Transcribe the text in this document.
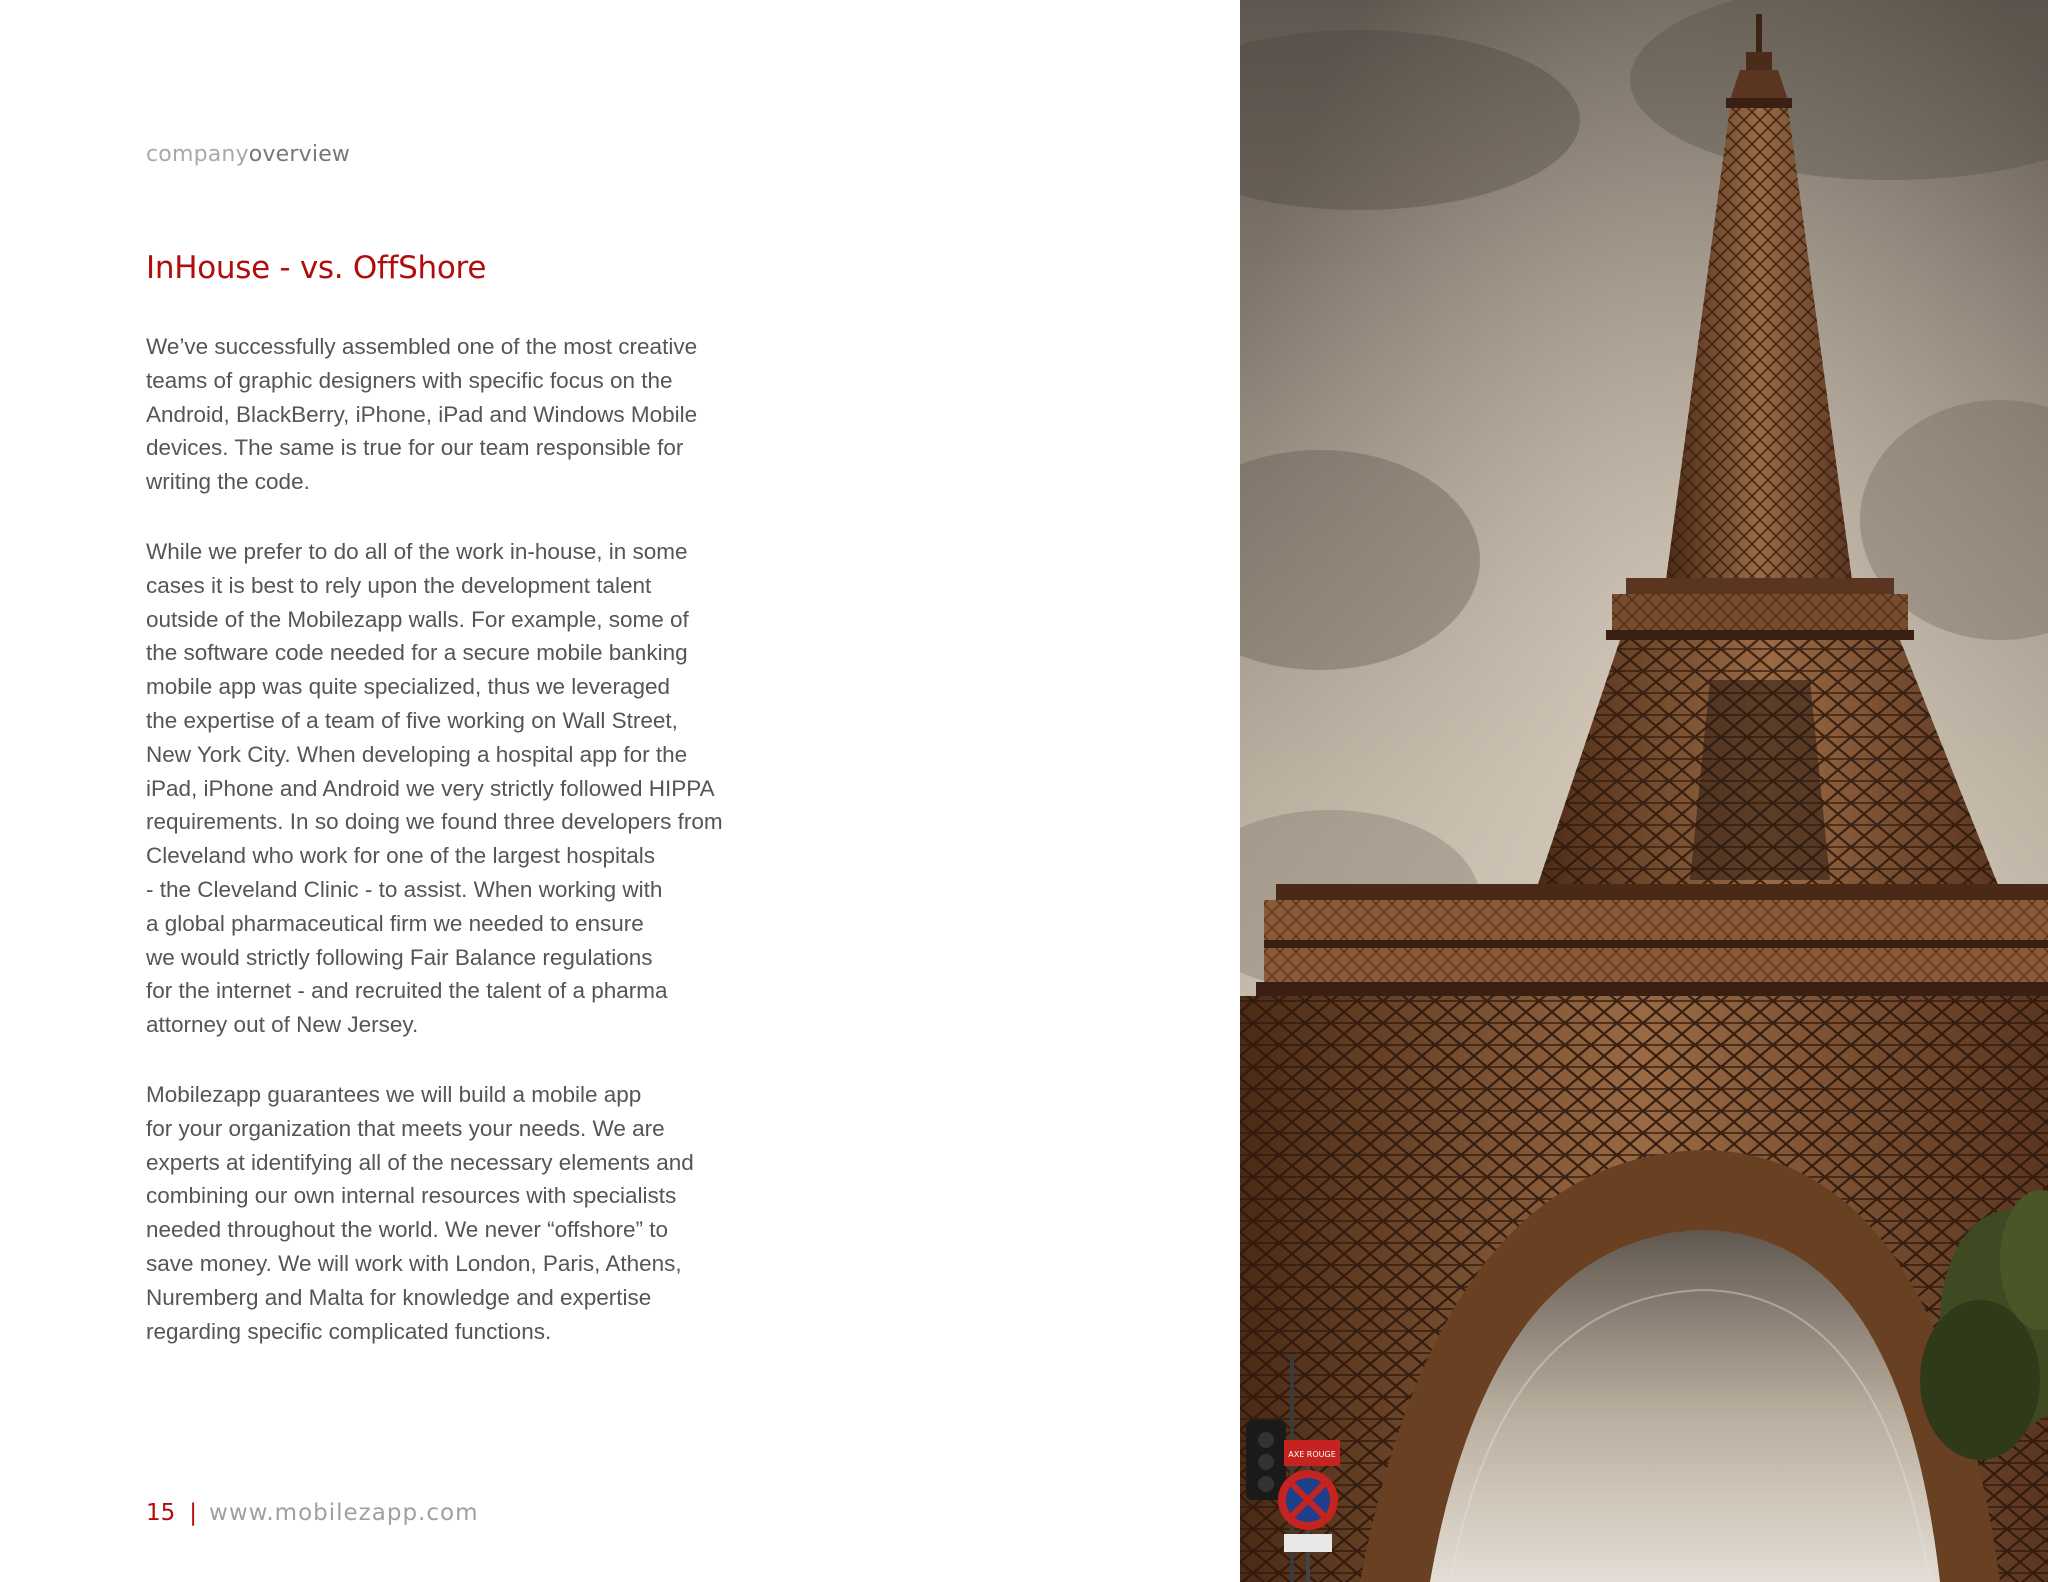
companyoverview
InHouse - vs. OffShore

We’ve successfully assembled one of the most creative
teams of graphic designers with specific focus on the
Android, BlackBerry, iPhone, iPad and Windows Mobile
devices. The same is true for our team responsible for
writing the code.

While we prefer to do all of the work in-house, in some
cases it is best to rely upon the development talent
outside of the Mobilezapp walls. For example, some of
the software code needed for a secure mobile banking
mobile app was quite specialized, thus we leveraged
the expertise of a team of five working on Wall Street,
New York City. When developing a hospital app for the
iPad, iPhone and Android we very strictly followed HIPPA
requirements. In so doing we found three developers from
Cleveland who work for one of the largest hospitals
- the Cleveland Clinic - to assist. When working with
a global pharmaceutical firm we needed to ensure
we would strictly following Fair Balance regulations
for the internet - and recruited the talent of a pharma
attorney out of New Jersey.

Mobilezapp guarantees we will build a mobile app
for your organization that meets your needs. We are
experts at identifying all of the necessary elements and
combining our own internal resources with specialists
needed throughout the world. We never “offshore” to
save money. We will work with London, Paris, Athens,
Nuremberg and Malta for knowledge and expertise
regarding specific complicated functions.

15 | www.mobilezapp.com
AXE ROUGE
